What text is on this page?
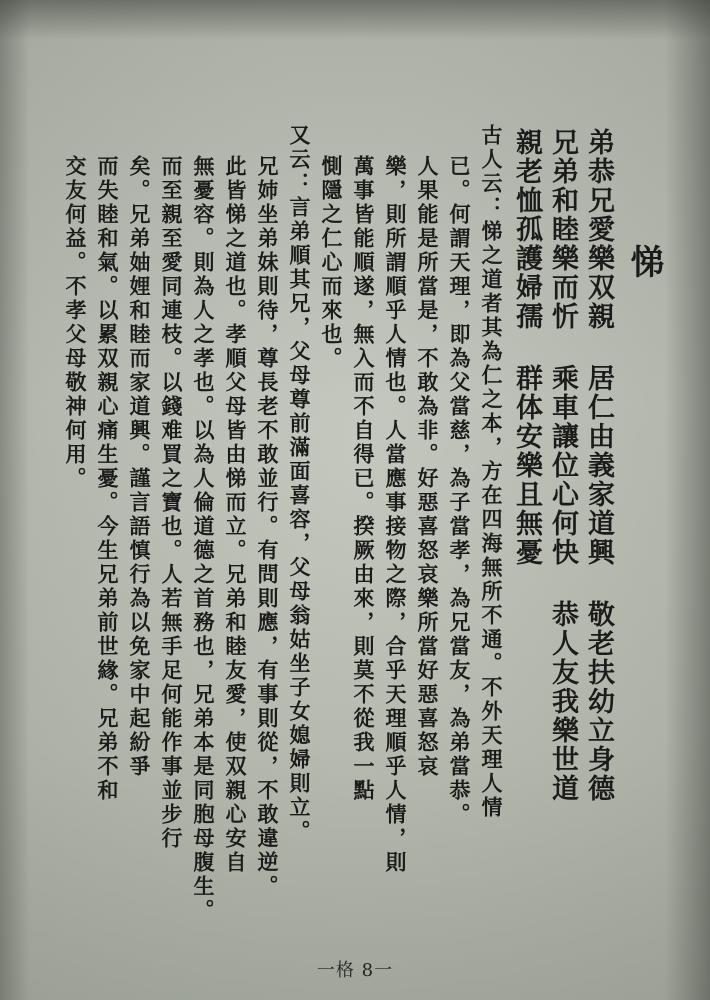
悌
弟恭兄愛樂双親 居仁由義家道興 敬老扶幼立身德
兄弟和睦樂而忻 乘車讓位心何快 恭人友我樂世道
親老恤孤護婦孺 群体安樂且無憂
古人云：悌之道者其為仁之本，方在四海無所不通。不外天理人情
已。何謂天理，即為父當慈，為子當孝，為兄當友，為弟當恭。
人果能是所當是，不敢為非。好惡喜怒哀樂所當好惡喜怒哀
樂，則所謂順乎人情也。人當應事接物之際，合乎天理順乎人情，則
萬事皆能順遂，無入而不自得已。揆厥由來，則莫不從我一點
惻隱之仁心而來也。
又云：言弟順其兄，父母尊前滿面喜容，父母翁姑坐子女媳婦則立。
兄姉坐弟妹則待，尊長老不敢並行。有問則應，有事則從，不敢違逆。
此皆悌之道也。孝順父母皆由悌而立。兄弟和睦友愛，使双親心安自
無憂容。則為人之孝也。以為人倫道德之首務也，兄弟本是同胞母腹生。
而至親至愛同連枝。以錢难買之寶也。人若無手足何能作事並步行
矣。兄弟妯娌和睦而家道興。謹言語慎行為以免家中起紛爭
而失睦和氣。以累双親心痛生憂。今生兄弟前世緣。兄弟不和
交友何益。不孝父母敬神何用。
一格 8一
